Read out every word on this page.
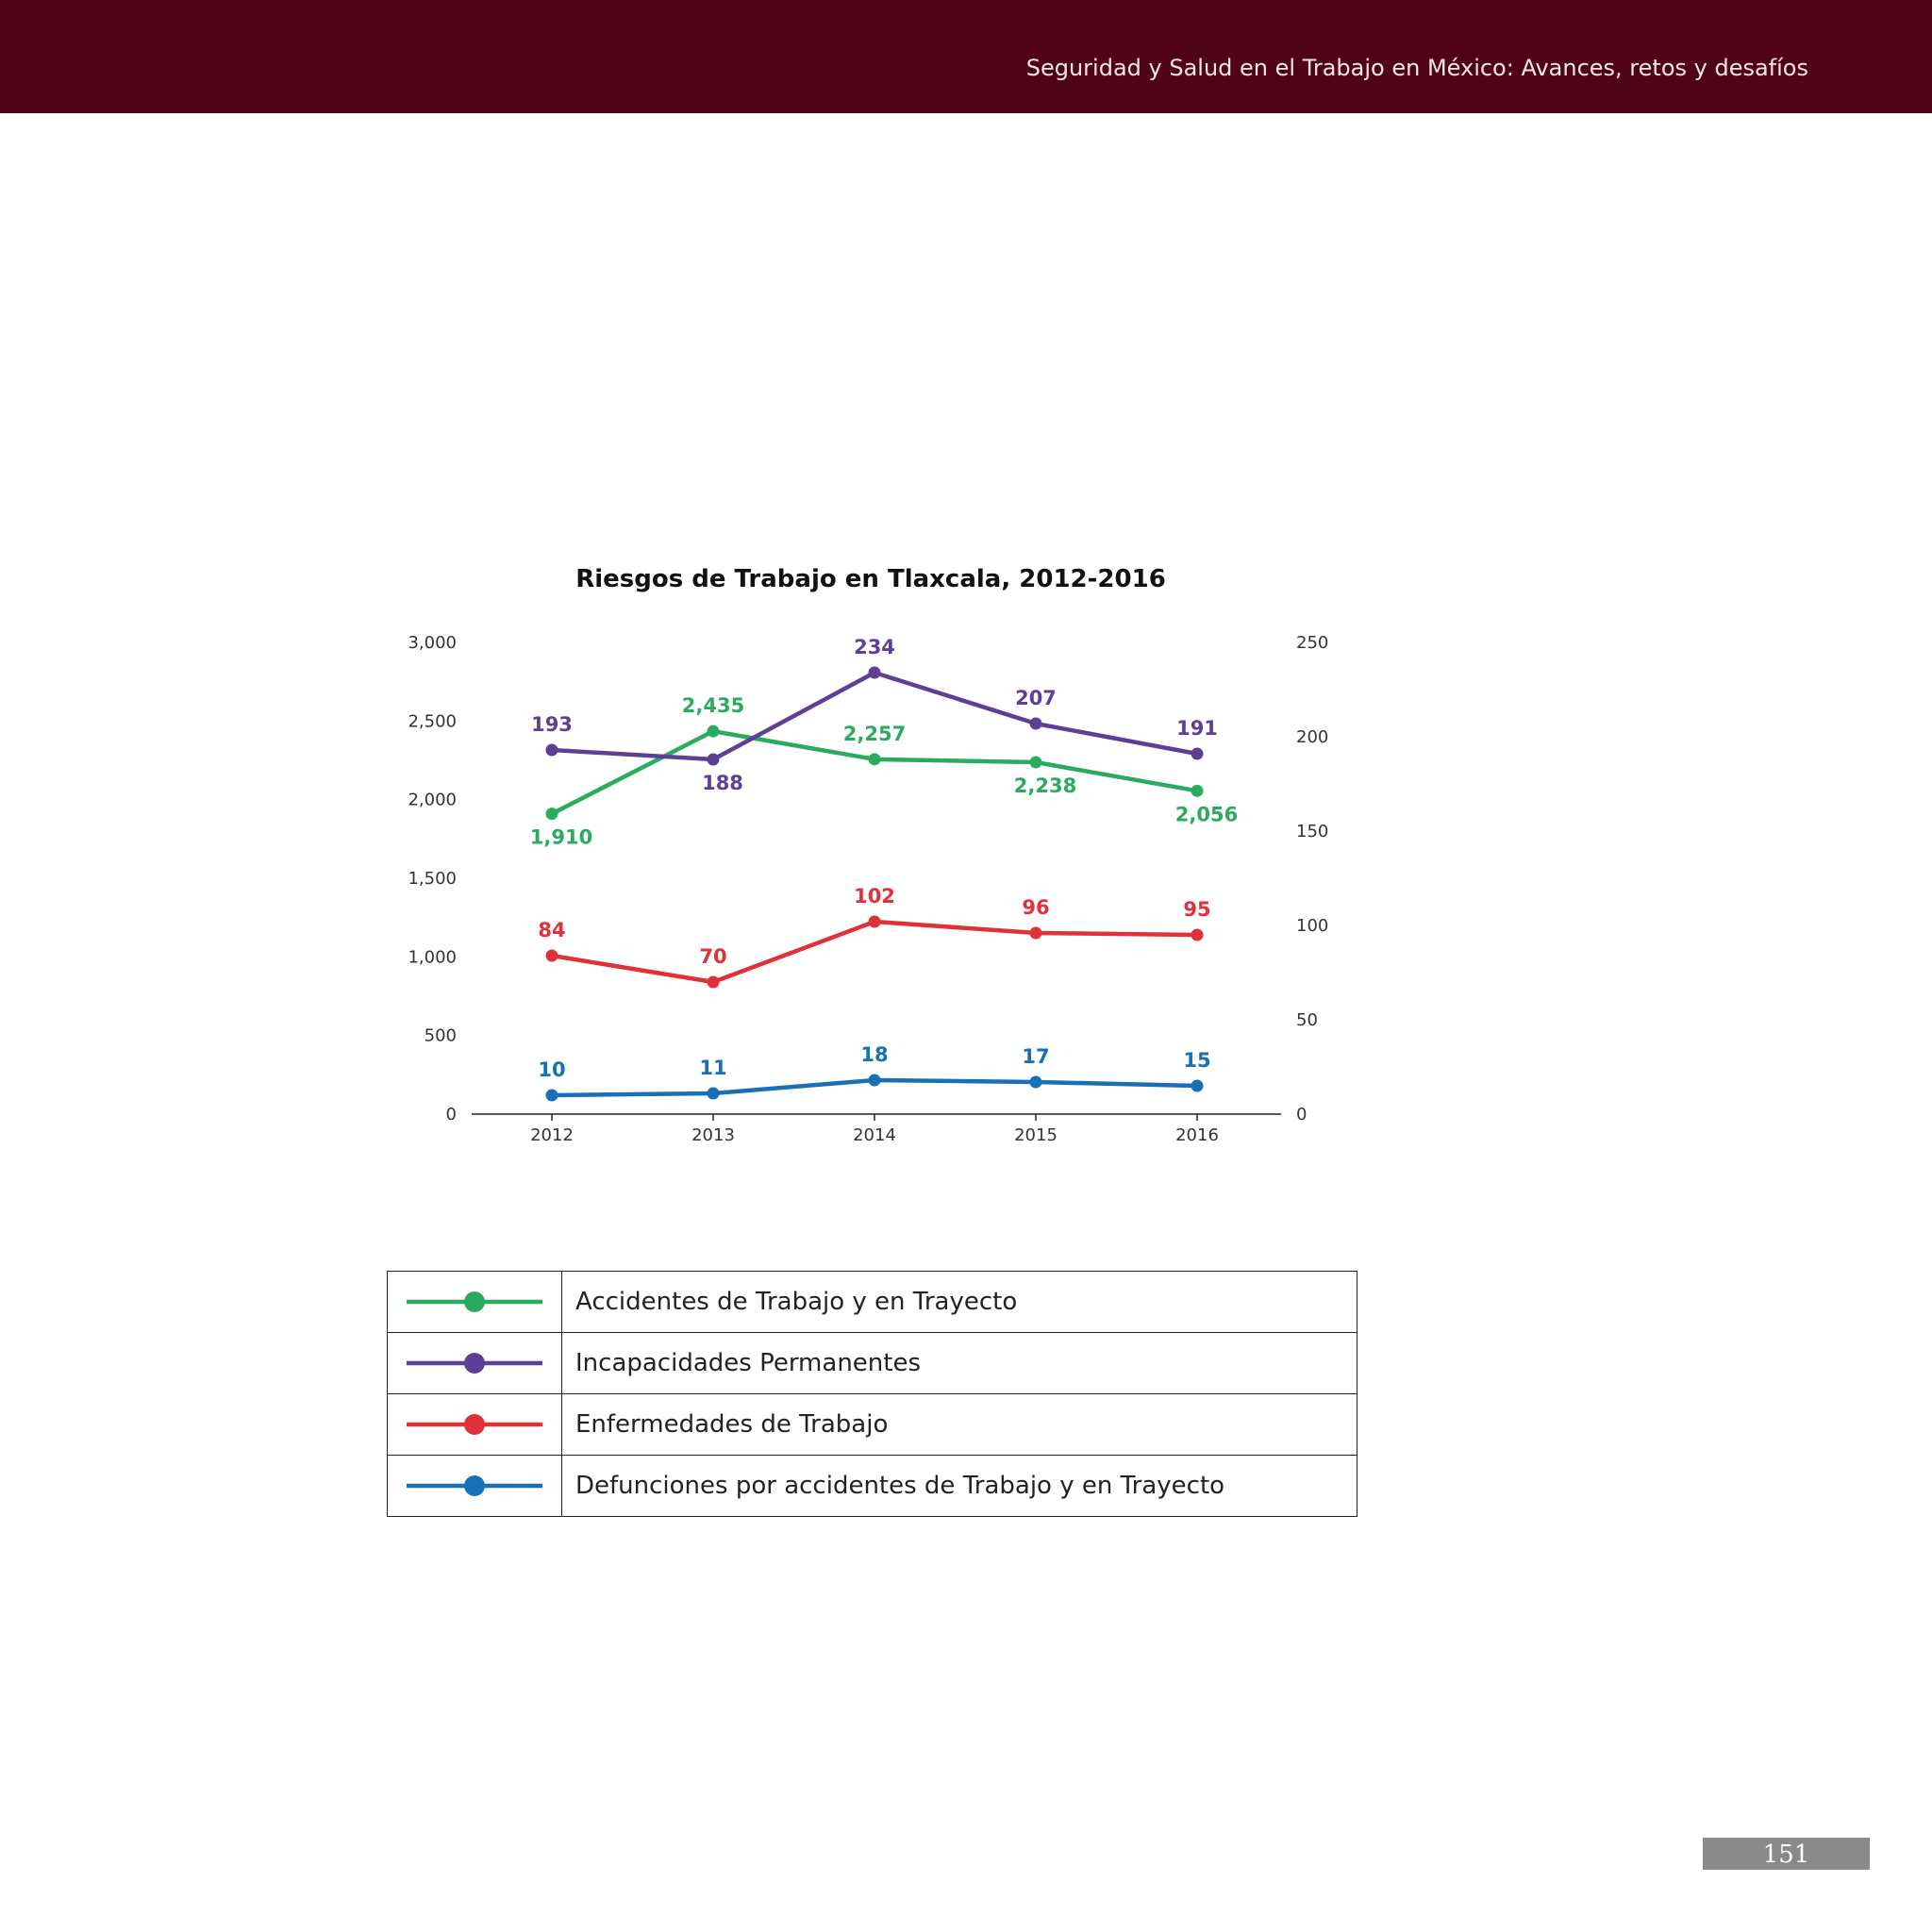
Seguridad y Salud en el Trabajo en México: Avances, retos y desafíos
Riesgos de Trabajo en Tlaxcala, 2012-2016
0
500
1,000
1,500
2,000
2,500
3,000
0
50
100
150
200
250
2012	2013	2014	2015	2016
1,910
2,435
2,257
2,238
2,056
193
188
234
207
191
84
70
102	96	95
10	11
18	17	15
	Accidentes de Trabajo y en Trayecto

	Incapacidades Permanentes

	Enfermedades de Trabajo

	Defunciones por accidentes de Trabajo y en Trayecto
151
